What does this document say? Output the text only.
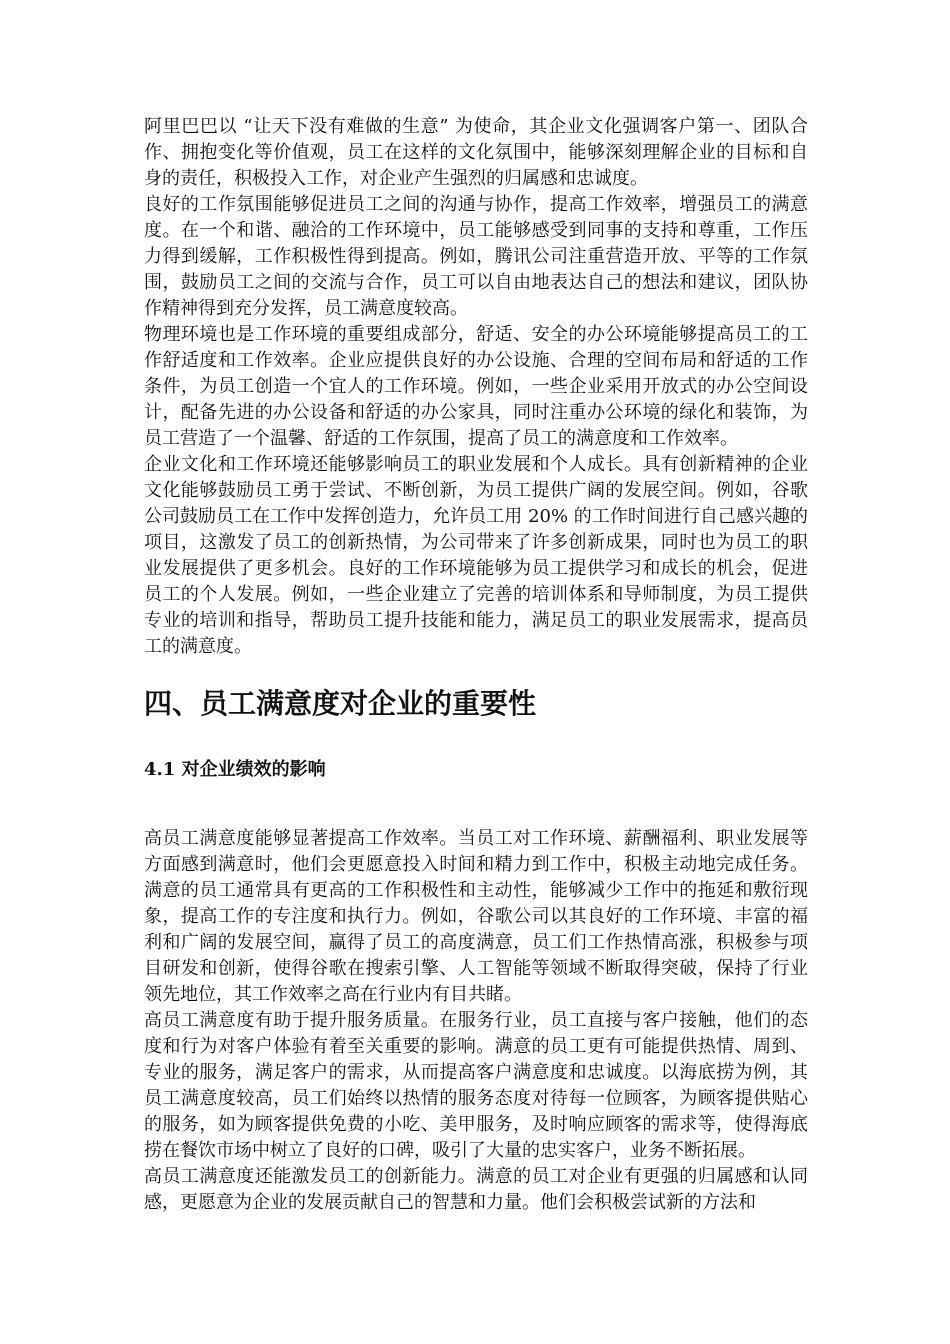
阿里巴巴以 “让天下没有难做的生意” 为使命，其企业文化强调客户第一、团队合作、拥抱变化等价值观，员工在这样的文化氛围中，能够深刻理解企业的目标和自身的责任，积极投入工作，对企业产生强烈的归属感和忠诚度。

良好的工作氛围能够促进员工之间的沟通与协作，提高工作效率，增强员工的满意度。在一个和谐、融洽的工作环境中，员工能够感受到同事的支持和尊重，工作压力得到缓解，工作积极性得到提高。例如，腾讯公司注重营造开放、平等的工作氛围，鼓励员工之间的交流与合作，员工可以自由地表达自己的想法和建议，团队协作精神得到充分发挥，员工满意度较高。

物理环境也是工作环境的重要组成部分，舒适、安全的办公环境能够提高员工的工作舒适度和工作效率。企业应提供良好的办公设施、合理的空间布局和舒适的工作条件，为员工创造一个宜人的工作环境。例如，一些企业采用开放式的办公空间设计，配备先进的办公设备和舒适的办公家具，同时注重办公环境的绿化和装饰，为员工营造了一个温馨、舒适的工作氛围，提高了员工的满意度和工作效率。

企业文化和工作环境还能够影响员工的职业发展和个人成长。具有创新精神的企业文化能够鼓励员工勇于尝试、不断创新，为员工提供广阔的发展空间。例如，谷歌公司鼓励员工在工作中发挥创造力，允许员工用 20% 的工作时间进行自己感兴趣的项目，这激发了员工的创新热情，为公司带来了许多创新成果，同时也为员工的职业发展提供了更多机会。良好的工作环境能够为员工提供学习和成长的机会，促进员工的个人发展。例如，一些企业建立了完善的培训体系和导师制度，为员工提供专业的培训和指导，帮助员工提升技能和能力，满足员工的职业发展需求，提高员工的满意度。

四、员工满意度对企业的重要性
4.1 对企业绩效的影响

高员工满意度能够显著提高工作效率。当员工对工作环境、薪酬福利、职业发展等方面感到满意时，他们会更愿意投入时间和精力到工作中，积极主动地完成任务。满意的员工通常具有更高的工作积极性和主动性，能够减少工作中的拖延和敷衍现象，提高工作的专注度和执行力。例如，谷歌公司以其良好的工作环境、丰富的福利和广阔的发展空间，赢得了员工的高度满意，员工们工作热情高涨，积极参与项目研发和创新，使得谷歌在搜索引擎、人工智能等领域不断取得突破，保持了行业领先地位，其工作效率之高在行业内有目共睹。

高员工满意度有助于提升服务质量。在服务行业，员工直接与客户接触，他们的态度和行为对客户体验有着至关重要的影响。满意的员工更有可能提供热情、周到、专业的服务，满足客户的需求，从而提高客户满意度和忠诚度。以海底捞为例，其员工满意度较高，员工们始终以热情的服务态度对待每一位顾客，为顾客提供贴心的服务，如为顾客提供免费的小吃、美甲服务，及时响应顾客的需求等，使得海底捞在餐饮市场中树立了良好的口碑，吸引了大量的忠实客户，业务不断拓展。

高员工满意度还能激发员工的创新能力。满意的员工对企业有更强的归属感和认同感，更愿意为企业的发展贡献自己的智慧和力量。他们会积极尝试新的方法和
